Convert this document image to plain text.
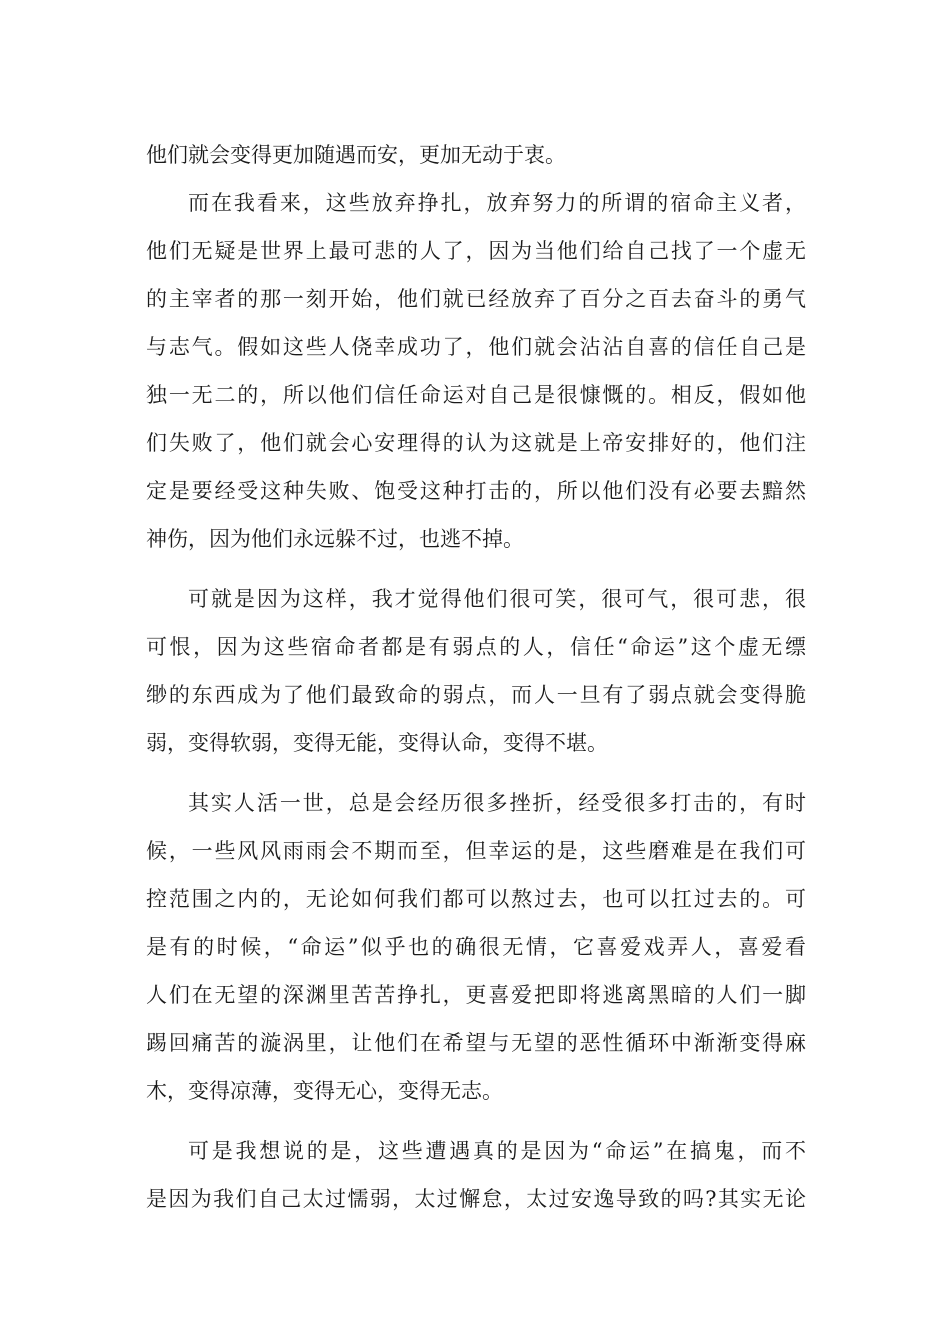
他们就会变得更加随遇而安，更加无动于衷。
而在我看来，这些放弃挣扎，放弃努力的所谓的宿命主义者，
他们无疑是世界上最可悲的人了，因为当他们给自己找了一个虚无
的主宰者的那一刻开始，他们就已经放弃了百分之百去奋斗的勇气
与志气。假如这些人侥幸成功了，他们就会沾沾自喜的信任自己是
独一无二的，所以他们信任命运对自己是很慷慨的。相反，假如他
们失败了，他们就会心安理得的认为这就是上帝安排好的，他们注
定是要经受这种失败、饱受这种打击的，所以他们没有必要去黯然
神伤，因为他们永远躲不过，也逃不掉。
可就是因为这样，我才觉得他们很可笑，很可气，很可悲，很
可恨，因为这些宿命者都是有弱点的人，信任“命运”这个虚无缥
缈的东西成为了他们最致命的弱点，而人一旦有了弱点就会变得脆
弱，变得软弱，变得无能，变得认命，变得不堪。
其实人活一世，总是会经历很多挫折，经受很多打击的，有时
候，一些风风雨雨会不期而至，但幸运的是，这些磨难是在我们可
控范围之内的，无论如何我们都可以熬过去，也可以扛过去的。可
是有的时候，“命运”似乎也的确很无情，它喜爱戏弄人，喜爱看
人们在无望的深渊里苦苦挣扎，更喜爱把即将逃离黑暗的人们一脚
踢回痛苦的漩涡里，让他们在希望与无望的恶性循环中渐渐变得麻
木，变得凉薄，变得无心，变得无志。
可是我想说的是，这些遭遇真的是因为“命运”在搞鬼，而不
是因为我们自己太过懦弱，太过懈怠，太过安逸导致的吗?其实无论
